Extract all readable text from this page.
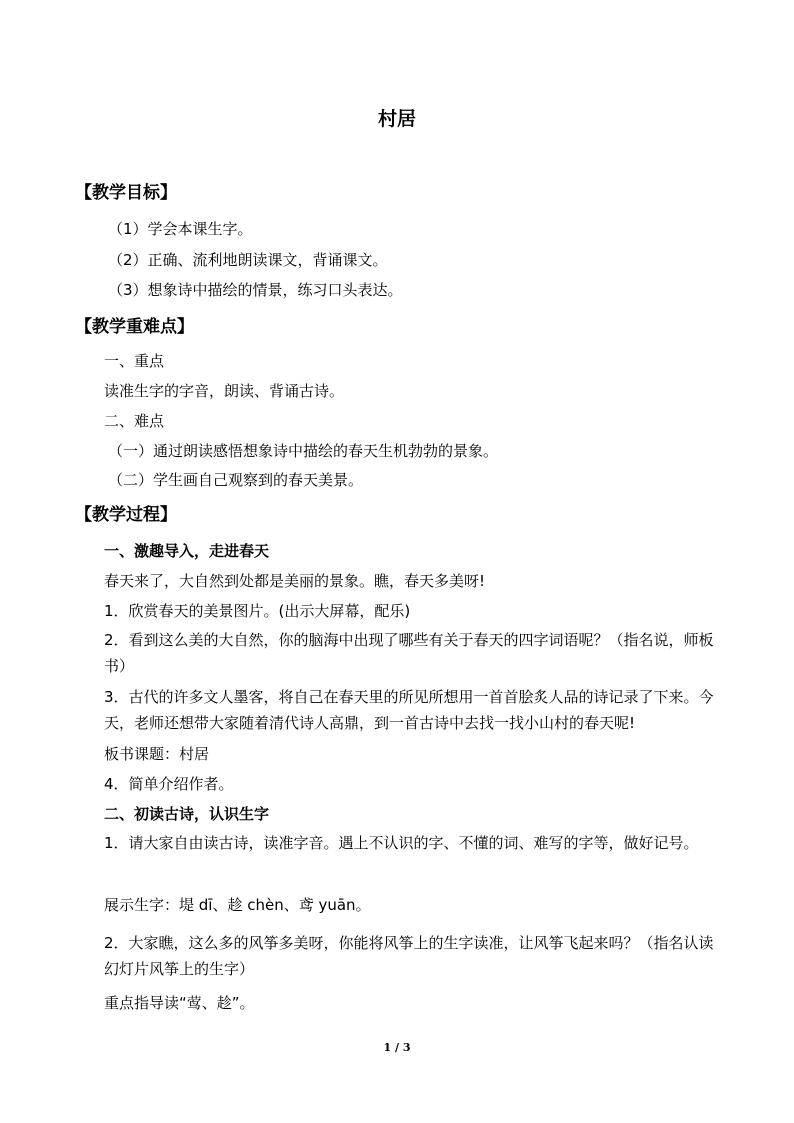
村居
【教学目标】
（1）学会本课生字。
（2）正确、流利地朗读课文，背诵课文。
（3）想象诗中描绘的情景，练习口头表达。
【教学重难点】
一、重点
读准生字的字音，朗读、背诵古诗。
二、难点
（一）通过朗读感悟想象诗中描绘的春天生机勃勃的景象。
（二）学生画自己观察到的春天美景。
【教学过程】
一、激趣导入，走进春天
春天来了，大自然到处都是美丽的景象。瞧，春天多美呀!
1．欣赏春天的美景图片。(出示大屏幕，配乐)
2．看到这么美的大自然，你的脑海中出现了哪些有关于春天的四字词语呢？（指名说，师板书）
3．古代的许多文人墨客，将自己在春天里的所见所想用一首首脍炙人品的诗记录了下来。今天，老师还想带大家随着清代诗人高鼎，到一首古诗中去找一找小山村的春天呢!
板书课题：村居
4．简单介绍作者。
二、初读古诗，认识生字
1．请大家自由读古诗，读准字音。遇上不认识的字、不懂的词、难写的字等，做好记号。
展示生字：堤 dī、趁 chèn、鸢 yuān。
2．大家瞧，这么多的风筝多美呀，你能将风筝上的生字读准，让风筝飞起来吗？（指名认读幻灯片风筝上的生字）
重点指导读“莺、趁”。
1 / 3
